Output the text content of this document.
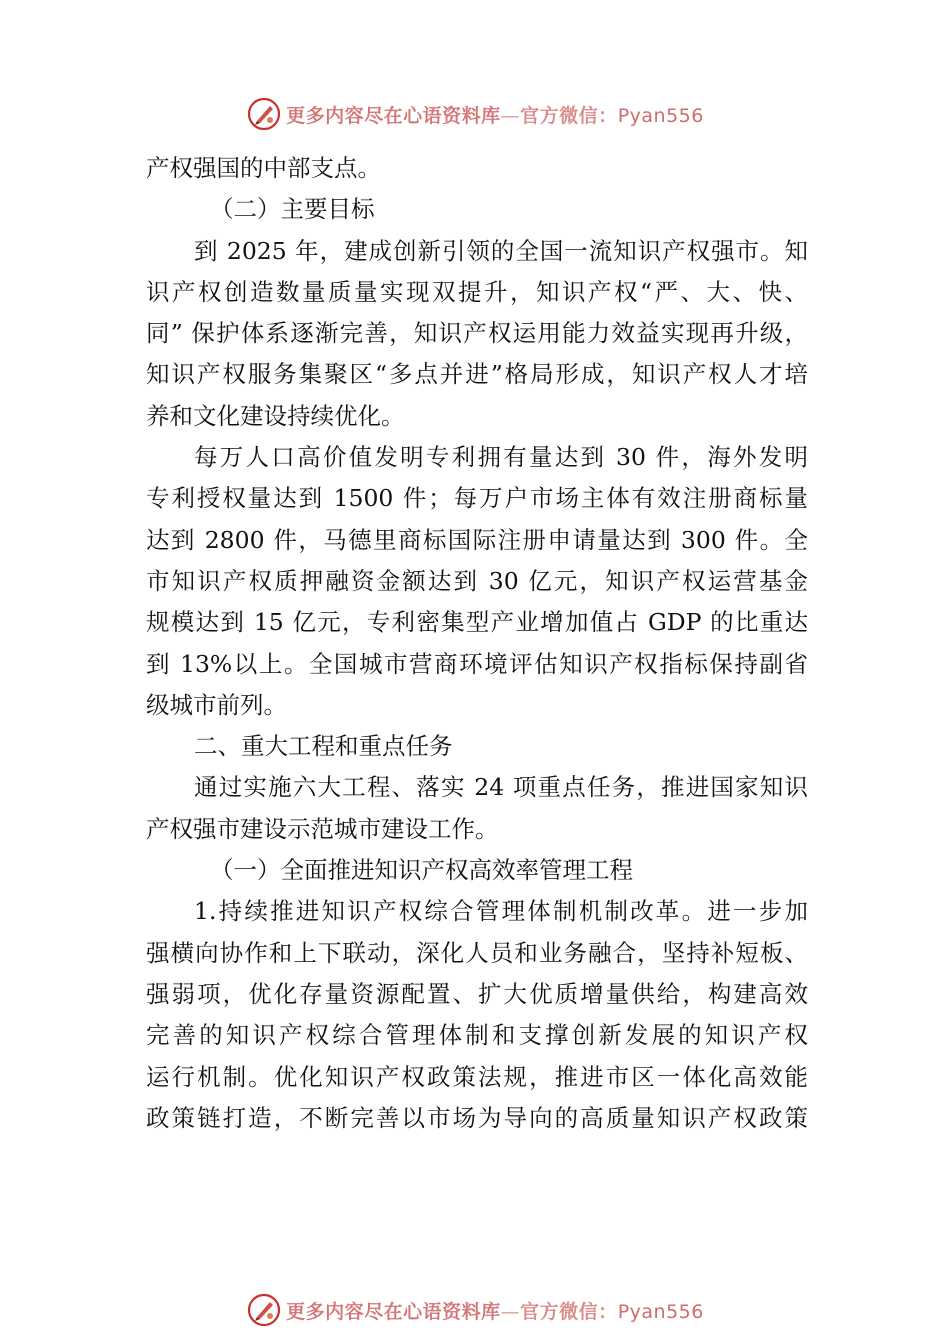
更多内容尽在心语资料库—官方微信：Pyan556
产权强国的中部支点。
（二）主要目标
到 2025 年，建成创新引领的全国一流知识产权强市。知
识产权创造数量质量实现双提升，知识产权“严、大、快、
同” 保护体系逐渐完善，知识产权运用能力效益实现再升级，
知识产权服务集聚区“多点并进”格局形成，知识产权人才培
养和文化建设持续优化。
每万人口高价值发明专利拥有量达到 30 件，海外发明
专利授权量达到 1500 件；每万户市场主体有效注册商标量
达到 2800 件，马德里商标国际注册申请量达到 300 件。全
市知识产权质押融资金额达到 30 亿元，知识产权运营基金
规模达到 15 亿元，专利密集型产业增加值占 GDP 的比重达
到 13%以上。全国城市营商环境评估知识产权指标保持副省
级城市前列。
二、重大工程和重点任务
通过实施六大工程、落实 24 项重点任务，推进国家知识
产权强市建设示范城市建设工作。
（一）全面推进知识产权高效率管理工程
1.持续推进知识产权综合管理体制机制改革。进一步加
强横向协作和上下联动，深化人员和业务融合，坚持补短板、
强弱项，优化存量资源配置、扩大优质增量供给，构建高效
完善的知识产权综合管理体制和支撑创新发展的知识产权
运行机制。优化知识产权政策法规，推进市区一体化高效能
政策链打造，不断完善以市场为导向的高质量知识产权政策
更多内容尽在心语资料库—官方微信：Pyan556
